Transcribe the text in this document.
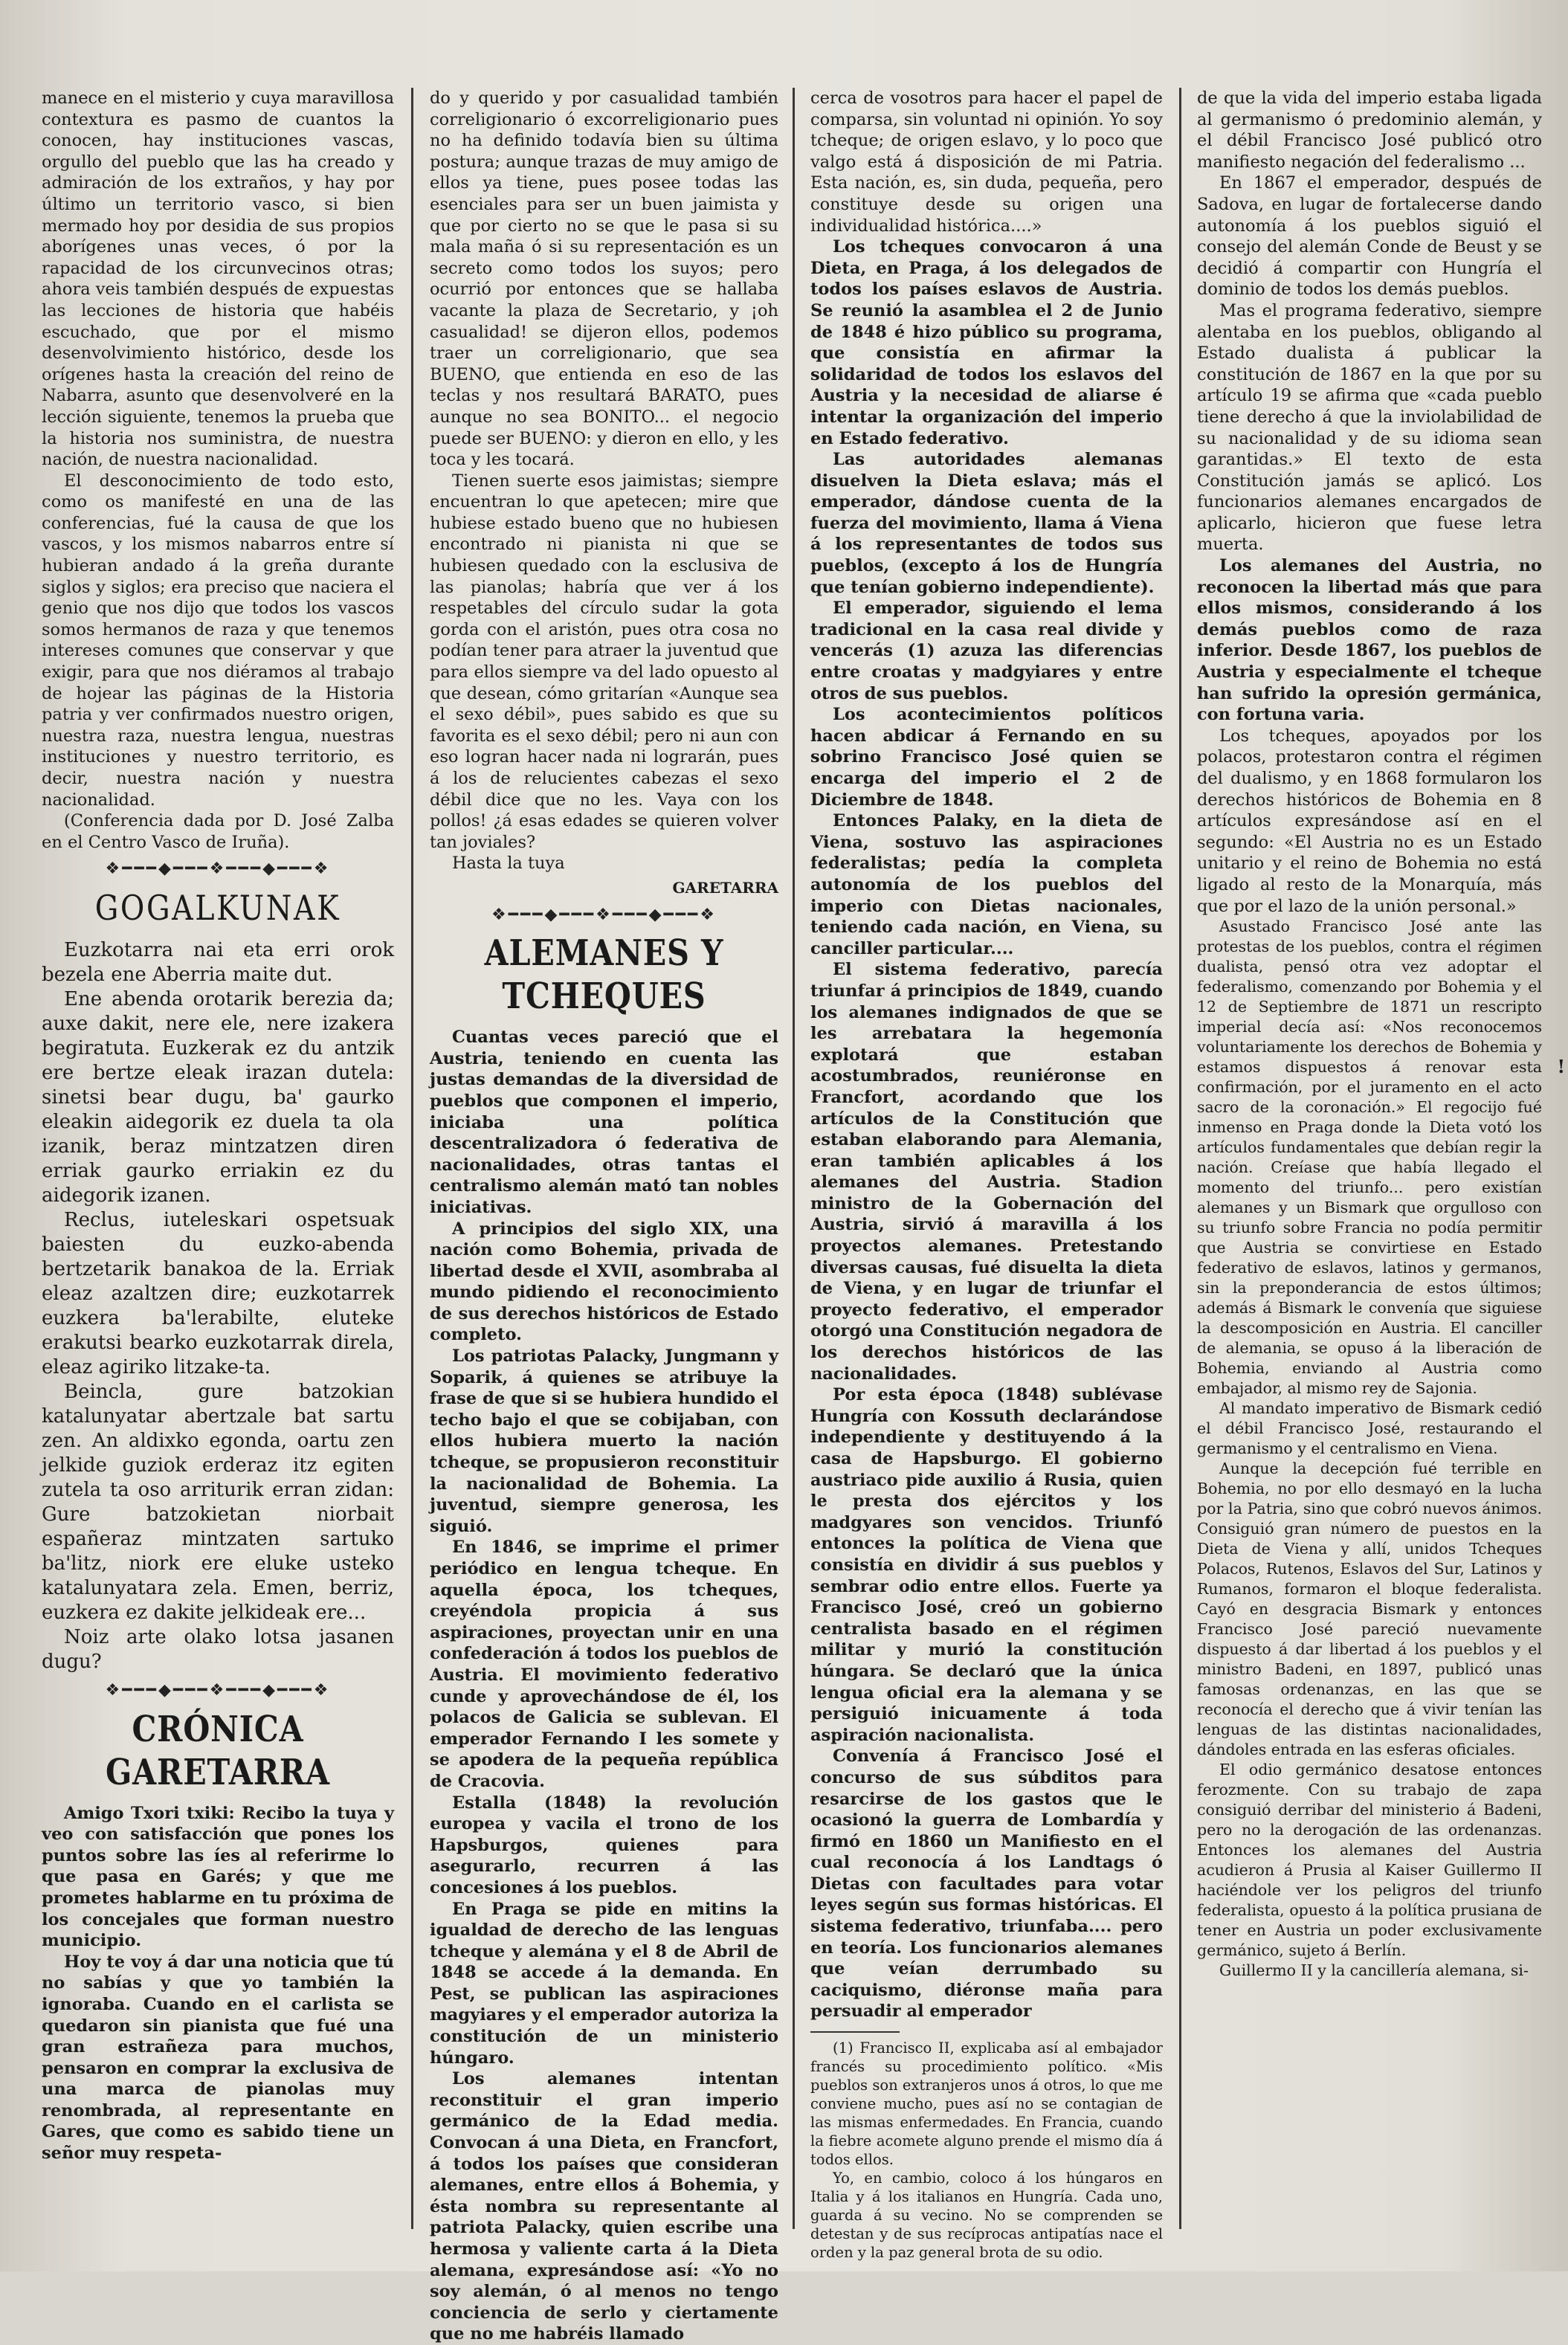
manece en el misterio y cuya maravillosa contextura es pasmo de cuantos la conocen, hay instituciones vascas, orgullo del pueblo que las ha creado y admiración de los extraños, y hay por último un territorio vasco, si bien mermado hoy por desidia de sus propios aborígenes unas veces, ó por la rapacidad de los circunvecinos otras; ahora veis también después de expuestas las lecciones de historia que habéis escuchado, que por el mismo desenvolvimiento histórico, desde los orígenes hasta la creación del reino de Nabarra, asunto que desenvolveré en la lección siguiente, tenemos la prueba que la historia nos suministra, de nuestra nación, de nuestra nacionalidad.

El desconocimiento de todo esto, como os manifesté en una de las conferencias, fué la causa de que los vascos, y los mismos nabarros entre sí hubieran andado á la greña durante siglos y siglos; era preciso que naciera el genio que nos dijo que todos los vascos somos hermanos de raza y que tenemos intereses comunes que conservar y que exigir, para que nos diéramos al trabajo de hojear las páginas de la Historia patria y ver confirmados nuestro origen, nuestra raza, nuestra lengua, nuestras instituciones y nuestro territorio, es decir, nuestra nación y nuestra nacionalidad.

(Conferencia dada por D. José Zalba en el Centro Vasco de Iruña).

❖━━━◆━━━❖━━━◆━━━❖
GOGALKUNAK

Euzkotarra nai eta erri orok bezela ene Aberria maite dut.

Ene abenda orotarik berezia da; auxe dakit, nere ele, nere izakera begiratuta. Euzkerak ez du antzik ere bertze eleak irazan dutela: sinetsi bear dugu, ba' gaurko eleakin aidegorik ez duela ta ola izanik, beraz mintzatzen diren erriak gaurko erriakin ez du aidegorik izanen.

Reclus, iuteleskari ospetsuak baiesten du euzko-abenda bertzetarik banakoa de la. Erriak eleaz azaltzen dire; euzkotarrek euzkera ba'lerabilte, eluteke erakutsi bearko euzkotarrak direla, eleaz agiriko litzake-ta.

Beincla, gure batzokian katalunyatar abertzale bat sartu zen. An aldixko egonda, oartu zen jelkide guziok erderaz itz egiten zutela ta oso arriturik erran zidan: Gure batzokietan niorbait españeraz mintzaten sartuko ba'litz, niork ere eluke usteko katalunyatara zela. Emen, berriz, euzkera ez dakite jelkideak ere...

Noiz arte olako lotsa jasanen dugu?

❖━━━◆━━━❖━━━◆━━━❖
CRÓNICA GARETARRA

Amigo Txori txiki: Recibo la tuya y veo con satisfacción que pones los puntos sobre las íes al referirme lo que pasa en Garés; y que me prometes hablarme en tu próxima de los concejales que forman nuestro municipio.

Hoy te voy á dar una noticia que tú no sabías y que yo también la ignoraba. Cuando en el carlista se quedaron sin pianista que fué una gran estrañeza para muchos, pensaron en comprar la exclusiva de una marca de pianolas muy renombrada, al representante en Gares, que como es sabido tiene un señor muy respeta-

do y querido y por casualidad también correligionario ó excorreligionario pues no ha definido todavía bien su última postura; aunque trazas de muy amigo de ellos ya tiene, pues posee todas las esenciales para ser un buen jaimista y que por cierto no se que le pasa si su mala maña ó si su representación es un secreto como todos los suyos; pero ocurrió por entonces que se hallaba vacante la plaza de Secretario, y ¡oh casualidad! se dijeron ellos, podemos traer un correligionario, que sea BUENO, que entienda en eso de las teclas y nos resultará BARATO, pues aunque no sea BONITO... el negocio puede ser BUENO: y dieron en ello, y les toca y les tocará.

Tienen suerte esos jaimistas; siempre encuentran lo que apetecen; mire que hubiese estado bueno que no hubiesen encontrado ni pianista ni que se hubiesen quedado con la esclusiva de las pianolas; habría que ver á los respetables del círculo sudar la gota gorda con el aristón, pues otra cosa no podían tener para atraer la juventud que para ellos siempre va del lado opuesto al que desean, cómo gritarían «Aunque sea el sexo débil», pues sabido es que su favorita es el sexo débil; pero ni aun con eso logran hacer nada ni lograrán, pues á los de relucientes cabezas el sexo débil dice que no les. Vaya con los pollos! ¿á esas edades se quieren volver tan joviales?

Hasta la tuya

GARETARRA
❖━━━◆━━━❖━━━◆━━━❖
ALEMANES Y TCHEQUES

Cuantas veces pareció que el Austria, teniendo en cuenta las justas demandas de la diversidad de pueblos que componen el imperio, iniciaba una política descentralizadora ó federativa de nacionalidades, otras tantas el centralismo alemán mató tan nobles iniciativas.

A principios del siglo XIX, una nación como Bohemia, privada de libertad desde el XVII, asombraba al mundo pidiendo el reconocimiento de sus derechos históricos de Estado completo.

Los patriotas Palacky, Jungmann y Soparik, á quienes se atribuye la frase de que si se hubiera hundido el techo bajo el que se cobijaban, con ellos hubiera muerto la nación tcheque, se propusieron reconstituir la nacionalidad de Bohemia. La juventud, siempre generosa, les siguió.

En 1846, se imprime el primer periódico en lengua tcheque. En aquella época, los tcheques, creyéndola propicia á sus aspiraciones, proyectan unir en una confederación á todos los pueblos de Austria. El movimiento federativo cunde y aprovechándose de él, los polacos de Galicia se sublevan. El emperador Fernando I les somete y se apodera de la pequeña república de Cracovia.

Estalla (1848) la revolución europea y vacila el trono de los Hapsburgos, quienes para asegurarlo, recurren á las concesiones á los pueblos.

En Praga se pide en mitins la igualdad de derecho de las lenguas tcheque y alemána y el 8 de Abril de 1848 se accede á la demanda. En Pest, se publican las aspiraciones magyiares y el emperador autoriza la constitución de un ministerio húngaro.

Los alemanes intentan reconstituir el gran imperio germánico de la Edad media. Convocan á una Dieta, en Francfort, á todos los países que consideran alemanes, entre ellos á Bohemia, y ésta nombra su representante al patriota Palacky, quien escribe una hermosa y valiente carta á la Dieta alemana, expresándose así: «Yo no soy alemán, ó al menos no tengo conciencia de serlo y ciertamente que no me habréis llamado

cerca de vosotros para hacer el papel de comparsa, sin voluntad ni opinión. Yo soy tcheque; de origen eslavo, y lo poco que valgo está á disposición de mi Patria. Esta nación, es, sin duda, pequeña, pero constituye desde su origen una individualidad histórica....»

Los tcheques convocaron á una Dieta, en Praga, á los delegados de todos los países eslavos de Austria. Se reunió la asamblea el 2 de Junio de 1848 é hizo público su programa, que consistía en afirmar la solidaridad de todos los eslavos del Austria y la necesidad de aliarse é intentar la organización del imperio en Estado federativo.

Las autoridades alemanas disuelven la Dieta eslava; más el emperador, dándose cuenta de la fuerza del movimiento, llama á Viena á los representantes de todos sus pueblos, (excepto á los de Hungría que tenían gobierno independiente).

El emperador, siguiendo el lema tradicional en la casa real divide y vencerás (1) azuza las diferencias entre croatas y madgyiares y entre otros de sus pueblos.

Los acontecimientos políticos hacen abdicar á Fernando en su sobrino Francisco José quien se encarga del imperio el 2 de Diciembre de 1848.

Entonces Palaky, en la dieta de Viena, sostuvo las aspiraciones federalistas; pedía la completa autonomía de los pueblos del imperio con Dietas nacionales, teniendo cada nación, en Viena, su canciller particular....

El sistema federativo, parecía triunfar á principios de 1849, cuando los alemanes indignados de que se les arrebatara la hegemonía explotará que estaban acostumbrados, reuniéronse en Francfort, acordando que los artículos de la Constitución que estaban elaborando para Alemania, eran también aplicables á los alemanes del Austria. Stadion ministro de la Gobernación del Austria, sirvió á maravilla á los proyectos alemanes. Pretestando diversas causas, fué disuelta la dieta de Viena, y en lugar de triunfar el proyecto federativo, el emperador otorgó una Constitución negadora de los derechos históricos de las nacionalidades.

Por esta época (1848) sublévase Hungría con Kossuth declarándose independiente y destituyendo á la casa de Hapsburgo. El gobierno austriaco pide auxilio á Rusia, quien le presta dos ejércitos y los madgyares son vencidos. Triunfó entonces la política de Viena que consistía en dividir á sus pueblos y sembrar odio entre ellos. Fuerte ya Francisco José, creó un gobierno centralista basado en el régimen militar y murió la constitución húngara. Se declaró que la única lengua oficial era la alemana y se persiguió inicuamente á toda aspiración nacionalista.

Convenía á Francisco José el concurso de sus súbditos para resarcirse de los gastos que le ocasionó la guerra de Lombardía y firmó en 1860 un Manifiesto en el cual reconocía á los Landtags ó Dietas con facultades para votar leyes según sus formas históricas. El sistema federativo, triunfaba.... pero en teoría. Los funcionarios alemanes que veían derrumbado su caciquismo, diéronse maña para persuadir al emperador

(1) Francisco II, explicaba así al embajador francés su procedimiento político. «Mis pueblos son extranjeros unos á otros, lo que me conviene mucho, pues así no se contagian de las mismas enfermedades. En Francia, cuando la fiebre acomete alguno prende el mismo día á todos ellos.

Yo, en cambio, coloco á los húngaros en Italia y á los italianos en Hungría. Cada uno, guarda á su vecino. No se comprenden se detestan y de sus recíprocas antipatías nace el orden y la paz general brota de su odio.

de que la vida del imperio estaba ligada al germanismo ó predominio alemán, y el débil Francisco José publicó otro manifiesto negación del federalismo ...

En 1867 el emperador, después de Sadova, en lugar de fortalecerse dando autonomía á los pueblos siguió el consejo del alemán Conde de Beust y se decidió á compartir con Hungría el dominio de todos los demás pueblos.

Mas el programa federativo, siempre alentaba en los pueblos, obligando al Estado dualista á publicar la constitución de 1867 en la que por su artículo 19 se afirma que «cada pueblo tiene derecho á que la inviolabilidad de su nacionalidad y de su idioma sean garantidas.» El texto de esta Constitución jamás se aplicó. Los funcionarios alemanes encargados de aplicarlo, hicieron que fuese letra muerta.

Los alemanes del Austria, no reconocen la libertad más que para ellos mismos, considerando á los demás pueblos como de raza inferior. Desde 1867, los pueblos de Austria y especialmente el tcheque han sufrido la opresión germánica, con fortuna varia.

Los tcheques, apoyados por los polacos, protestaron contra el régimen del dualismo, y en 1868 formularon los derechos históricos de Bohemia en 8 artículos expresándose así en el segundo: «El Austria no es un Estado unitario y el reino de Bohemia no está ligado al resto de la Monarquía, más que por el lazo de la unión personal.»

Asustado Francisco José ante las protestas de los pueblos, contra el régimen dualista, pensó otra vez adoptar el federalismo, comenzando por Bohemia y el 12 de Septiembre de 1871 un rescripto imperial decía así: «Nos reconocemos voluntariamente los derechos de Bohemia y estamos dispuestos á renovar esta confirmación, por el juramento en el acto sacro de la coronación.» El regocijo fué inmenso en Praga donde la Dieta votó los artículos fundamentales que debían regir la nación. Creíase que había llegado el momento del triunfo... pero existían alemanes y un Bismark que orgulloso con su triunfo sobre Francia no podía permitir que Austria se convirtiese en Estado federativo de eslavos, latinos y germanos, sin la preponderancia de estos últimos; además á Bismark le convenía que siguiese la descomposición en Austria. El canciller de alemania, se opuso á la liberación de Bohemia, enviando al Austria como embajador, al mismo rey de Sajonia.

Al mandato imperativo de Bismark cedió el débil Francisco José, restaurando el germanismo y el centralismo en Viena.

Aunque la decepción fué terrible en Bohemia, no por ello desmayó en la lucha por la Patria, sino que cobró nuevos ánimos. Consiguió gran número de puestos en la Dieta de Viena y allí, unidos Tcheques Polacos, Rutenos, Eslavos del Sur, Latinos y Rumanos, formaron el bloque federalista. Cayó en desgracia Bismark y entonces Francisco José pareció nuevamente dispuesto á dar libertad á los pueblos y el ministro Badeni, en 1897, publicó unas famosas ordenanzas, en las que se reconocía el derecho que á vivir tenían las lenguas de las distintas nacionalidades, dándoles entrada en las esferas oficiales.

El odio germánico desatose entonces ferozmente. Con su trabajo de zapa consiguió derribar del ministerio á Badeni, pero no la derogación de las ordenanzas. Entonces los alemanes del Austria acudieron á Prusia al Kaiser Guillermo II haciéndole ver los peligros del triunfo federalista, opuesto á la política prusiana de tener en Austria un poder exclusivamente germánico, sujeto á Berlín.

Guillermo II y la cancillería alemana, si-

!
